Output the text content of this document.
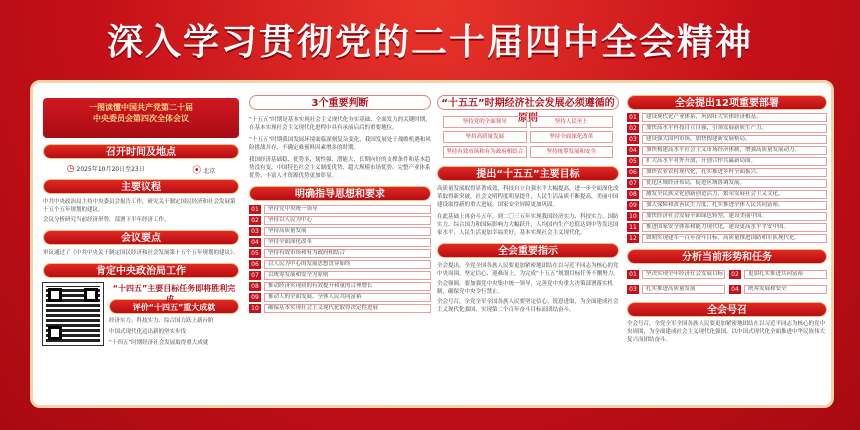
深入学习贯彻党的二十届四中全会精神
一图读懂中国共产党第二十届
中央委员会第四次全体会议
召开时间及地点
◷ 2025年10月20日至23日	⦿ 北京
主要议程
中共中央政治局主持中央委员会报告工作，研究关于制定国民经济和社会发展第十五个五年规划的建议。
会议分析研究当前经济形势，部署下半年经济工作。
会议要点
审议通过了《中共中央关于制定国民经济和社会发展第十五个五年规划的建议》。
肯定中央政治局工作
“十四五”主要目标任务即将胜利完
评价“十四五”重大成就
经济实力、科技实力、综合国力跃上新台阶
中国式现代化迈出新的坚实步伐
“十四五”时期经济社会发展取得重大成就
3个重要判断
“十五五”时期是基本实现社会主义现代化夯实基础、全面发力的关键时期，在基本实现社会主义现代化进程中具有承前启后的重要地位。
“十五五”时期我国发展环境面临深刻复杂变化，我国发展处于战略机遇和风险挑战并存、不确定难预料因素增多的时期。
我国经济基础稳、优势多、韧性强、潜能大，长期向好的支撑条件和基本趋势没有变，中国特色社会主义制度优势、超大规模市场优势、完整产业体系优势、丰富人才资源优势更加彰显。
明确指导思想和要求
01	坚持党中央统一领导
02	坚持以人民为中心
03	坚持高质量发展
04	坚持全面深化改革
05	坚持有效市场和有为政府相结合
06	以人民为中心的发展思想贯穿始终
07	以统筹发展和安全为原则
08	推动经济实现质的有效提升和量的合理增长
09	推动人的全面发展、全体人民共同富裕
10	确保基本实现社会主义现代化取得决定性进展
“十五五”时期经济社会发展必须遵循的原则
坚持党的全面领导	坚持人民至上
坚持高质量发展	坚持全面深化改革
坚持有效市场和有为政府相结合	坚持统筹发展和安全
提出“十五五”主要目标
高质量发展取得显著成效，科技自立自强水平大幅提高，进一步全面深化改革取得新突破，社会文明程度明显提升，人民生活品质不断提高，美丽中国建设取得新的重大进展，国家安全屏障更加巩固。
在此基础上再奋斗五年，到二〇三五年实现我国经济实力、科技实力、国防实力、综合国力和国际影响力大幅跃升，人均国内生产总值达到中等发达国家水平，人民生活更加幸福美好，基本实现社会主义现代化。
全会重要指示
全会提出，全党全国各族人民要更加紧密地团结在以习近平同志为核心的党中央周围，坚定信心、迎难而上，为完成“十五五”规划目标任务不懈努力。
全会强调，要加强党中央集中统一领导，完善党中央重大决策部署落实机制，确保党中央令行禁止。
全会号召，全党全军全国各族人民要坚定信心、锐意进取，为全面建成社会主义现代化强国、实现第二个百年奋斗目标而团结奋斗。
全会提出12项重要部署
01	建设现代化产业体系，巩固壮大实体经济根基。
02	加快高水平科技自立自强，引领发展新质生产力。
03	建设强大国内市场，加快构建新发展格局。
04	加快构建高水平社会主义市场经济体制，增强高质量发展动力。
05	扩大高水平对外开放，开创合作共赢新局面。
06	加快农业农村现代化，扎实推进乡村全面振兴。
07	优化区域经济布局，促进区域协调发展。
08	激发全民族文化创新创造活力，繁荣发展社会主义文化。
09	加大保障和改善民生力度，扎实推进全体人民共同富裕。
10	加快经济社会发展全面绿色转型，建设美丽中国。
11	推进国家安全体系和能力现代化，建设更高水平平安中国。
12	如期实现建军一百年奋斗目标，高质量推进国防和军队现代化。
分析当前形势和任务
01	坚决实现全年经济社会发展目标	02	更加扎实推进共同富裕
03	扎实推进高质量发展	04	统筹发展和安全
全会号召
全会号召，全党全军全国各族人民要更加紧密地团结在以习近平同志为核心的党中央周围，为全面建成社会主义现代化强国、以中国式现代化全面推进中华民族伟大复兴而团结奋斗。
